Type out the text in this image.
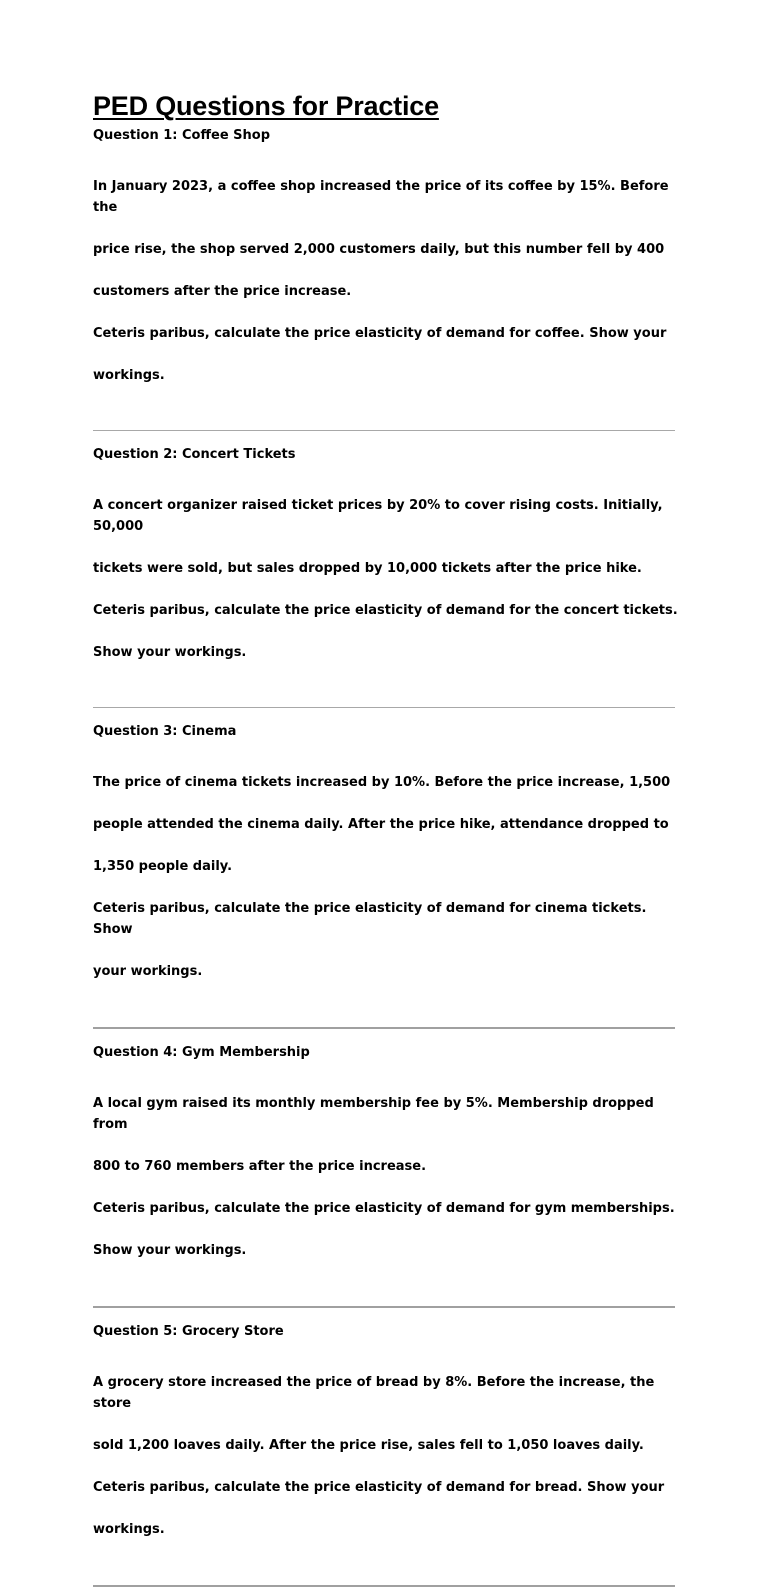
PED Questions for Practice

Question 1: Coffee Shop

In January 2023, a coffee shop increased the price of its coffee by 15%. Before the

price rise, the shop served 2,000 customers daily, but this number fell by 400

customers after the price increase.

Ceteris paribus, calculate the price elasticity of demand for coffee. Show your

workings.

Question 2: Concert Tickets

A concert organizer raised ticket prices by 20% to cover rising costs. Initially, 50,000

tickets were sold, but sales dropped by 10,000 tickets after the price hike.

Ceteris paribus, calculate the price elasticity of demand for the concert tickets.

Show your workings.

Question 3: Cinema

The price of cinema tickets increased by 10%. Before the price increase, 1,500

people attended the cinema daily. After the price hike, attendance dropped to

1,350 people daily.

Ceteris paribus, calculate the price elasticity of demand for cinema tickets. Show

your workings.

Question 4: Gym Membership

A local gym raised its monthly membership fee by 5%. Membership dropped from

800 to 760 members after the price increase.

Ceteris paribus, calculate the price elasticity of demand for gym memberships.

Show your workings.

Question 5: Grocery Store

A grocery store increased the price of bread by 8%. Before the increase, the store

sold 1,200 loaves daily. After the price rise, sales fell to 1,050 loaves daily.

Ceteris paribus, calculate the price elasticity of demand for bread. Show your

workings.
